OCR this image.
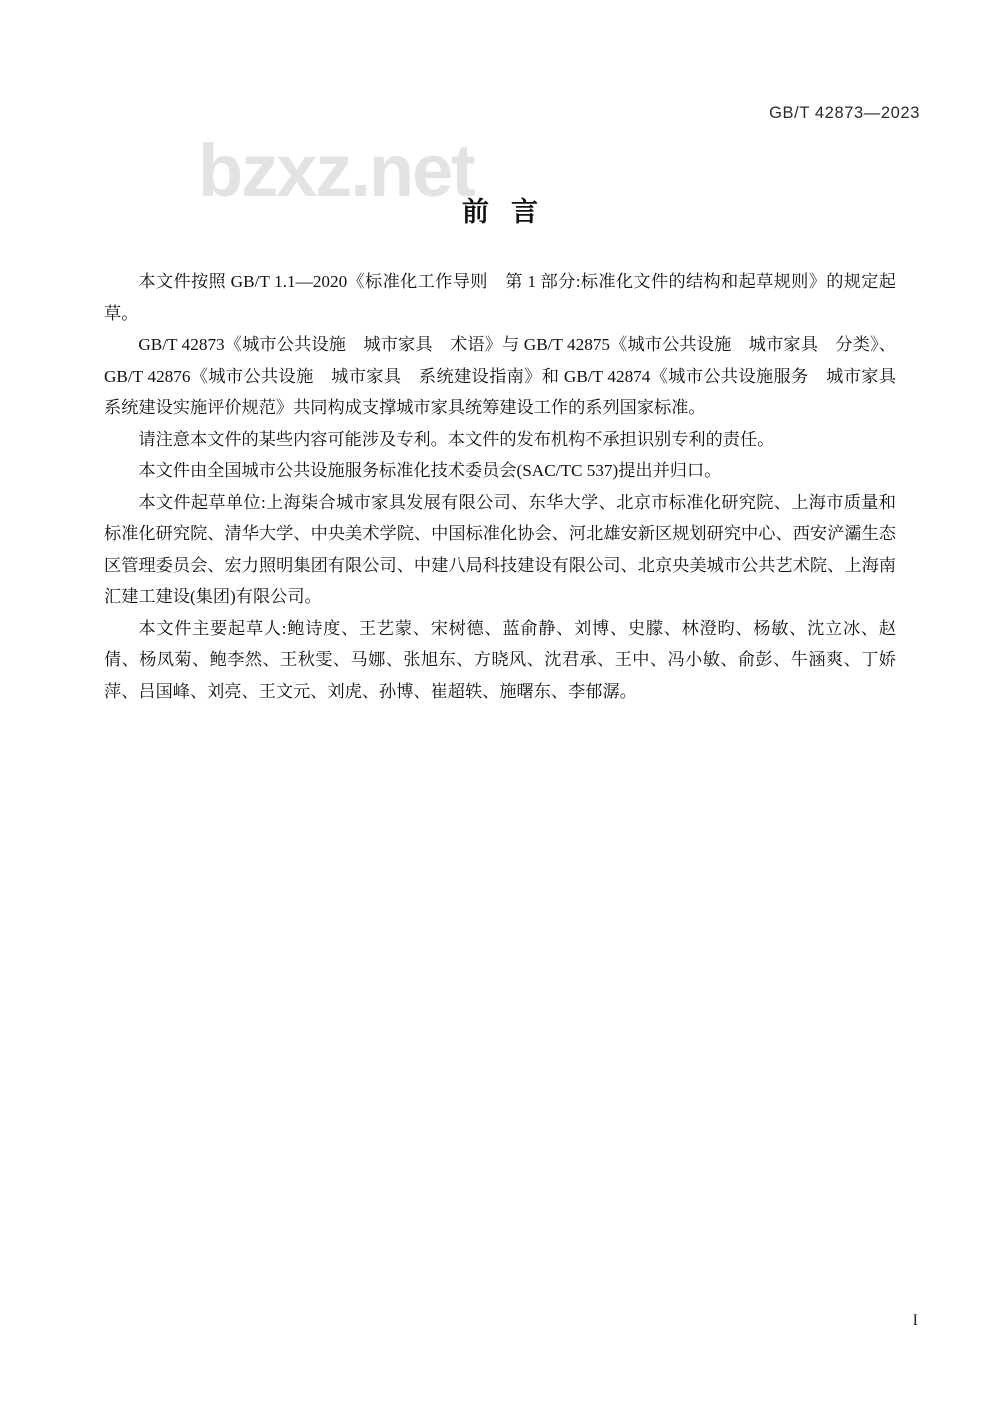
GB/T 42873—2023
bzxz.net
前言

本文件按照 GB/T 1.1—2020《标准化工作导则　第 1 部分:标准化文件的结构和起草规则》的规定起草。

GB/T 42873《城市公共设施　城市家具　术语》与 GB/T 42875《城市公共设施　城市家具　分类》、GB/T 42876《城市公共设施　城市家具　系统建设指南》和 GB/T 42874《城市公共设施服务　城市家具　系统建设实施评价规范》共同构成支撑城市家具统筹建设工作的系列国家标准。

请注意本文件的某些内容可能涉及专利。本文件的发布机构不承担识别专利的责任。

本文件由全国城市公共设施服务标准化技术委员会(SAC/TC 537)提出并归口。

本文件起草单位:上海柒合城市家具发展有限公司、东华大学、北京市标准化研究院、上海市质量和标准化研究院、清华大学、中央美术学院、中国标准化协会、河北雄安新区规划研究中心、西安浐灞生态区管理委员会、宏力照明集团有限公司、中建八局科技建设有限公司、北京央美城市公共艺术院、上海南汇建工建设(集团)有限公司。

本文件主要起草人:鲍诗度、王艺蒙、宋树德、蓝俞静、刘博、史朦、林澄昀、杨敏、沈立冰、赵倩、杨凤菊、鲍李然、王秋雯、马娜、张旭东、方晓风、沈君承、王中、冯小敏、俞彭、牛涵爽、丁娇萍、吕国峰、刘亮、王文元、刘虎、孙博、崔超轶、施曙东、李郁潺。

I
